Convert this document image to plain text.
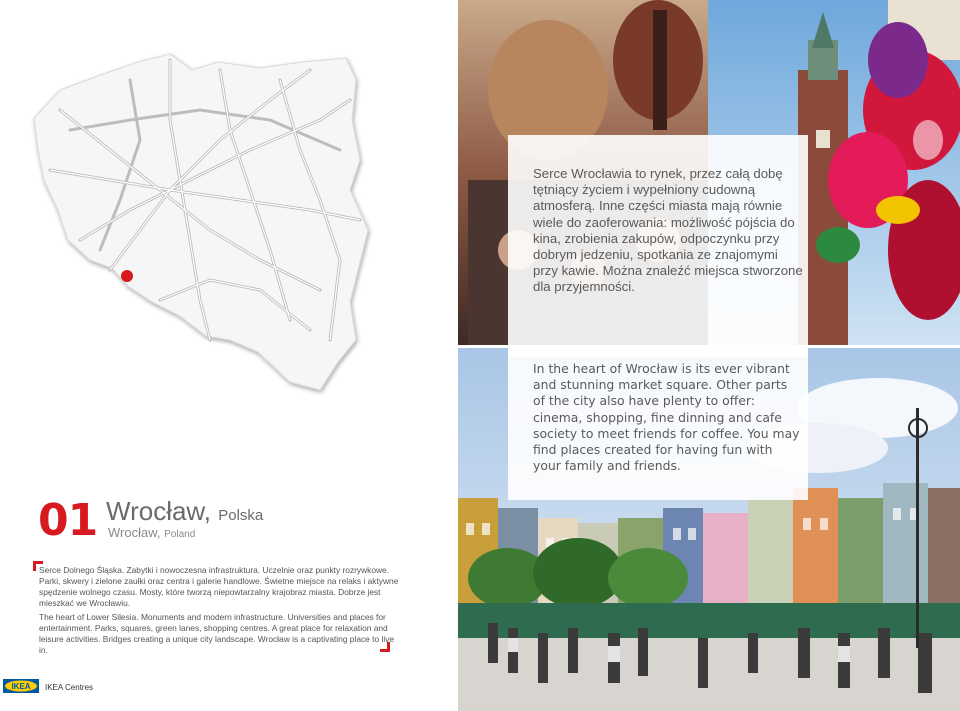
01 Wrocław, Polska
Wrocław, Poland
Serce Dolnego Śląska. Zabytki i nowoczesna infrastruktura. Uczelnie oraz punkty rozrywkowe. Parki, skwery i zielone zaułki oraz centra i galerie handlowe. Świetne miejsce na relaks i aktywne spędzenie wolnego czasu. Mosty, które tworzą niepowtarzalny krajobraz miasta. Dobrze jest mieszkać we Wrocławiu.
The heart of Lower Silesia. Monuments and modern infrastructure. Universities and places for entertainment. Parks, squares, green lanes, shopping centres. A great place for relaxation and leisure activities. Bridges creating a unique city landscape. Wrocław is a captivating place to live in.
IKEA IKEA Centres
Serce Wrocławia to rynek, przez całą dobę tętniący życiem i wypełniony cudowną atmosferą. Inne części miasta mają równie wiele do zaoferowania: możliwość pójścia do kina, zrobienia zakupów, odpoczynku przy dobrym jedzeniu, spotkania ze znajomymi przy kawie. Można znaleźć miejsca stworzone dla przyjemności.
In the heart of Wrocław is its ever vibrant and stunning market square. Other parts of the city also have plenty to offer: cinema, shopping, fine dinning and cafe society to meet friends for coffee. You may find places created for having fun with your family and friends.
